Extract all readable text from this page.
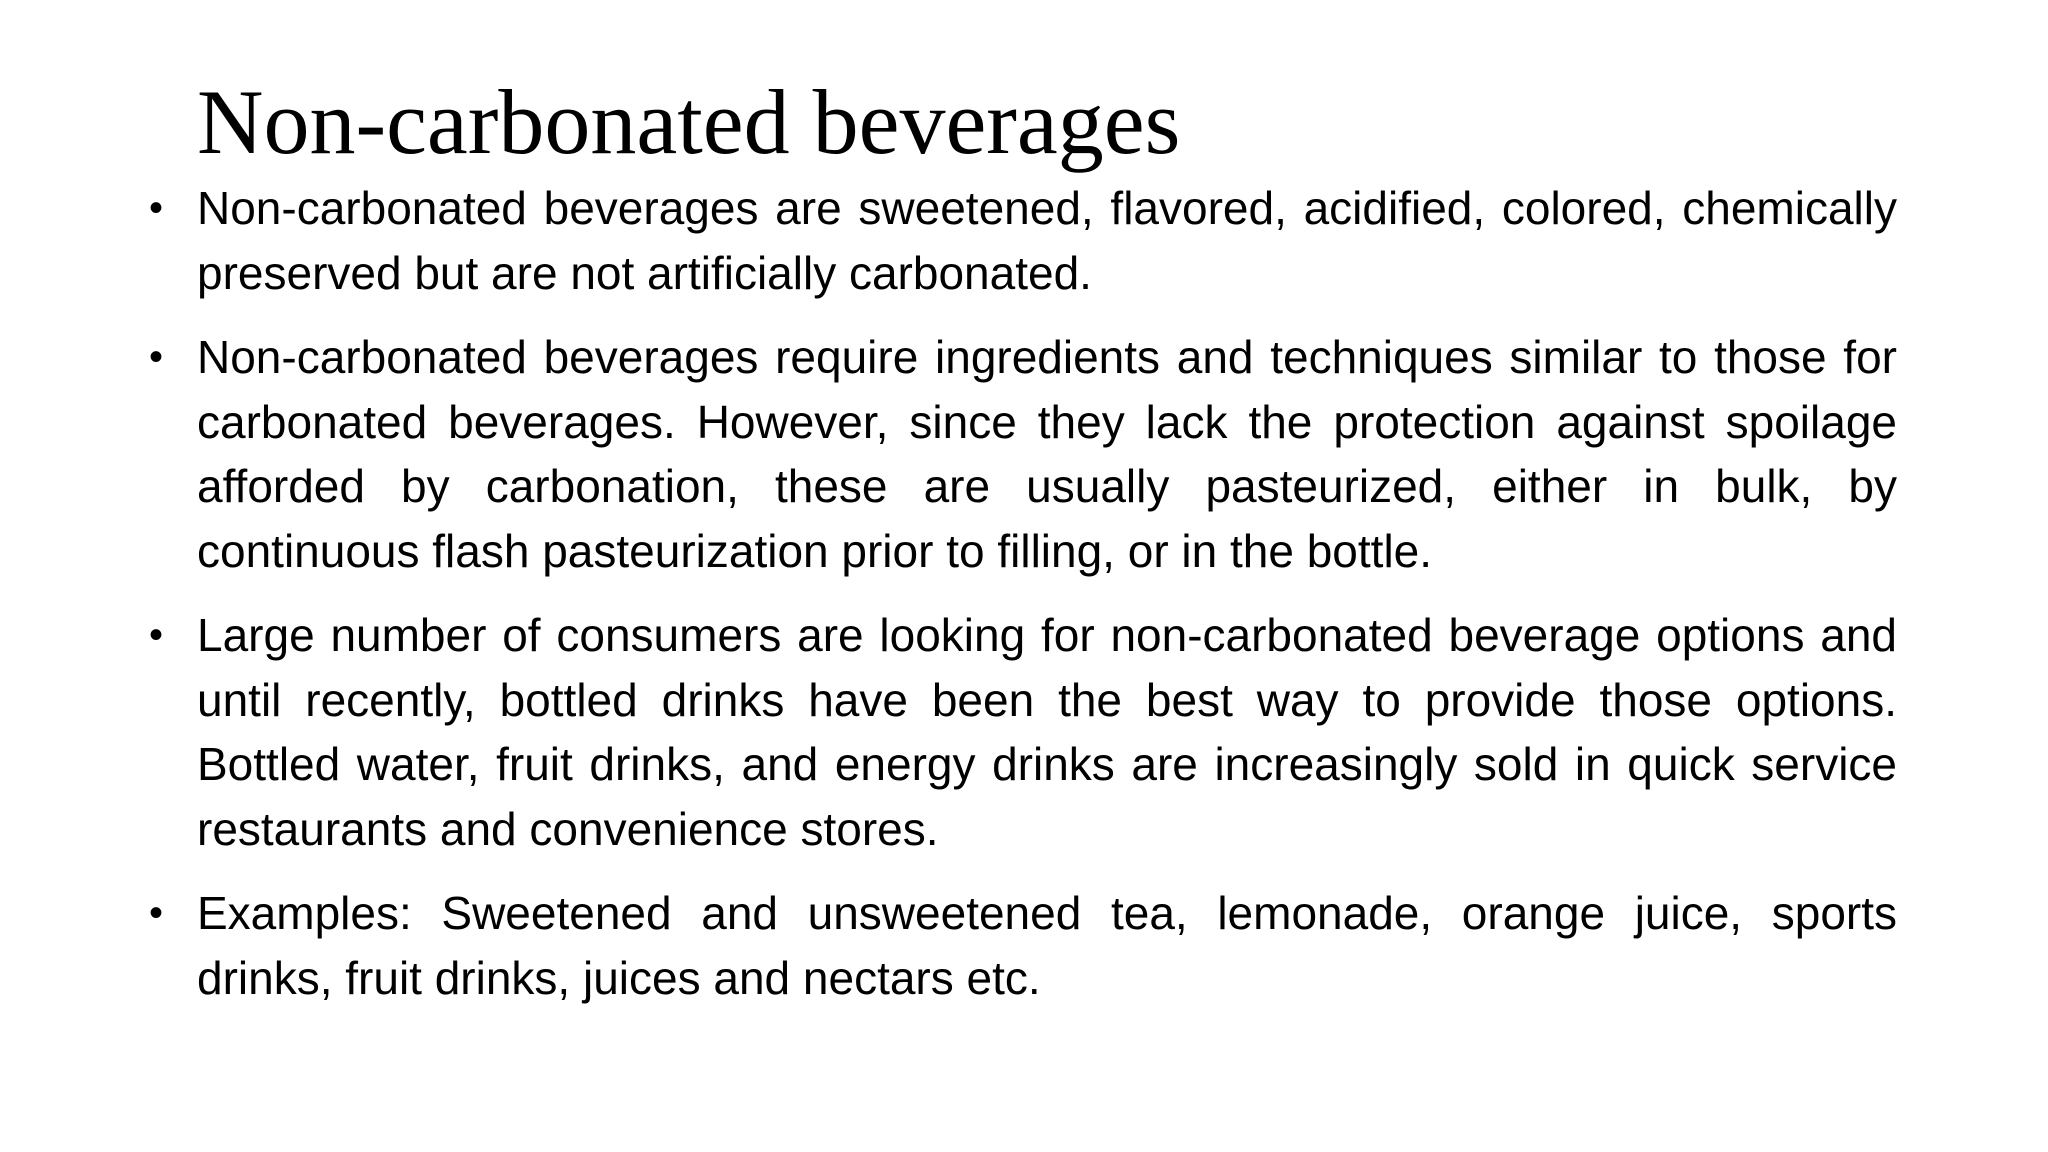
Non-carbonated beverages
• Non-carbonated beverages are sweetened, flavored, acidified, colored, chemically preserved but are not artificially carbonated.
• Non-carbonated beverages require ingredients and techniques similar to those for carbonated beverages. However, since they lack the protection against spoilage afforded by carbonation, these are usually pasteurized, either in bulk, by continuous flash pasteurization prior to filling, or in the bottle.
• Large number of consumers are looking for non-carbonated beverage options and until recently, bottled drinks have been the best way to provide those options. Bottled water, fruit drinks, and energy drinks are increasingly sold in quick service restaurants and convenience stores.
• Examples: Sweetened and unsweetened tea, lemonade, orange juice, sports drinks, fruit drinks, juices and nectars etc.
